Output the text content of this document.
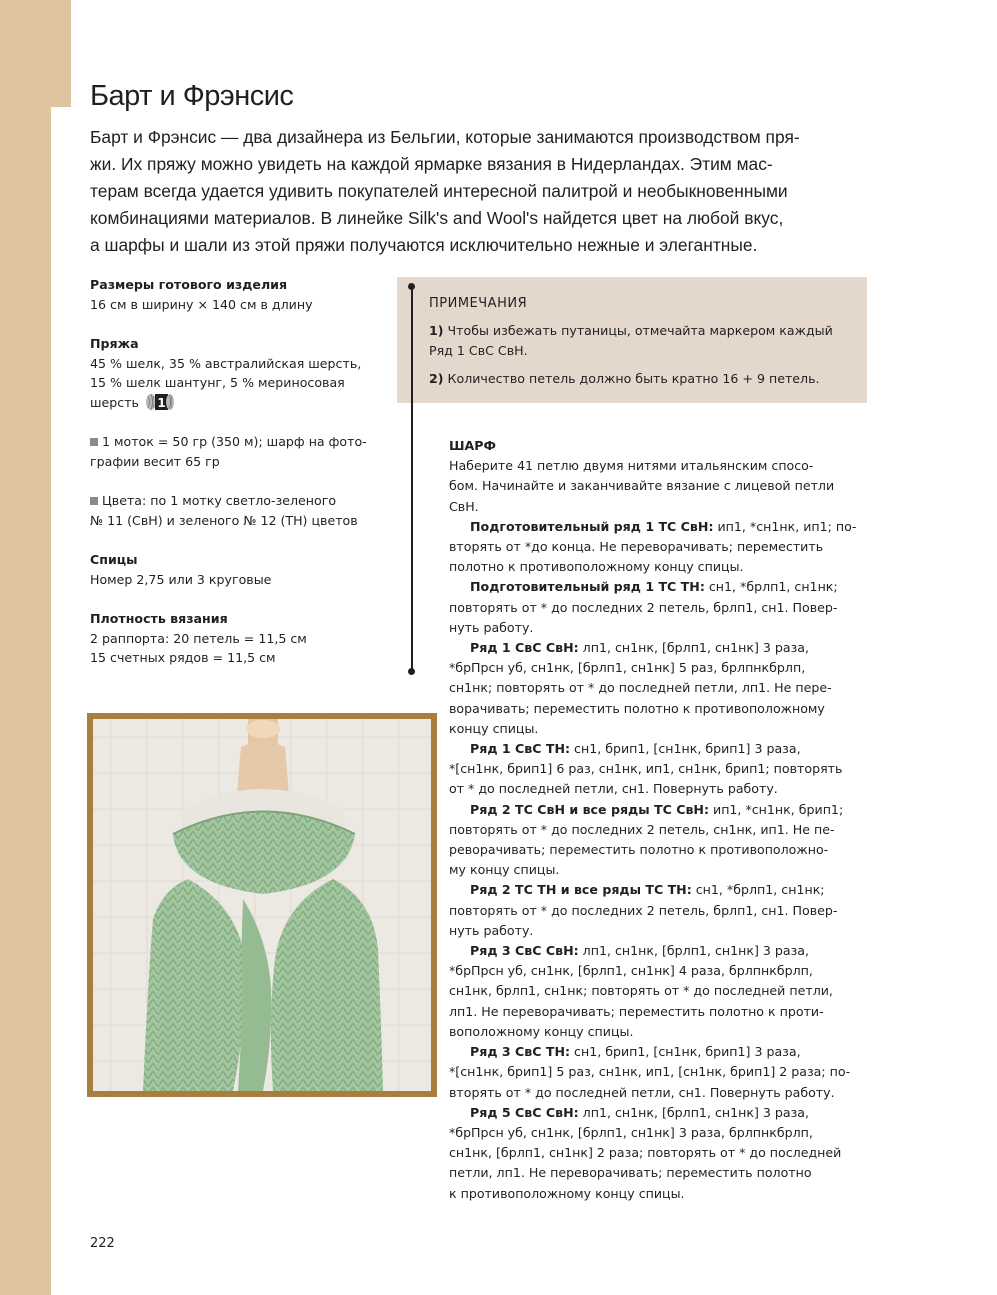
Барт и Фрэнсис
Барт и Фрэнсис — два дизайнера из Бельгии, которые занимаются производством пря-
жи. Их пряжу можно увидеть на каждой ярмарке вязания в Нидерландах. Этим мас-
терам всегда удается удивить покупателей интересной палитрой и необыкновенными
комбинациями материалов. В линейке Silk's and Wool's найдется цвет на любой вкус,
а шарфы и шали из этой пряжи получаются исключительно нежные и элегантные.
Размеры готового изделия
16 см в ширину × 140 см в длину
Пряжа
45 % шелк, 35 % австралийская шерсть,
15 % шелк шантунг, 5 % мериносовая
шерсть 1
1 моток = 50 гр (350 м); шарф на фото-
графии весит 65 гр
Цвета: по 1 мотку светло-зеленого
№ 11 (СвН) и зеленого № 12 (ТН) цветов
Спицы
Номер 2,75 или 3 круговые
Плотность вязания
2 раппорта: 20 петель = 11,5 см
15 счетных рядов = 11,5 см
ПРИМЕЧАНИЯ
1) Чтобы избежать путаницы, отмечайта маркером каждый
Ряд 1 СвС СвН.
2) Количество петель должно быть кратно 16 + 9 петель.
ШАРФ
Наберите 41 петлю двумя нитями итальянским спосо-
бом. Начинайте и заканчивайте вязание с лицевой петли
СвН.
Подготовительный ряд 1 ТС СвН: ип1, *сн1нк, ип1; по-
вторять от *до конца. Не переворачивать; переместить
полотно к противоположному концу спицы.
Подготовительный ряд 1 ТС ТН: сн1, *брлп1, сн1нк;
повторять от * до последних 2 петель, брлп1, сн1. Повер-
нуть работу.
Ряд 1 СвС СвН: лп1, сн1нк, [брлп1, сн1нк] 3 раза,
*брПрсн уб, сн1нк, [брлп1, сн1нк] 5 раз, брлпнкбрлп,
сн1нк; повторять от * до последней петли, лп1. Не пере-
ворачивать; переместить полотно к противоположному
концу спицы.
Ряд 1 СвС ТН: сн1, брип1, [сн1нк, брип1] 3 раза,
*[сн1нк, брип1] 6 раз, сн1нк, ип1, сн1нк, брип1; повторять
от * до последней петли, сн1. Повернуть работу.
Ряд 2 ТС СвН и все ряды ТС СвН: ип1, *сн1нк, брип1;
повторять от * до последних 2 петель, сн1нк, ип1. Не пе-
реворачивать; переместить полотно к противоположно-
му концу спицы.
Ряд 2 ТС ТН и все ряды ТС ТН: сн1, *брлп1, сн1нк;
повторять от * до последних 2 петель, брлп1, сн1. Повер-
нуть работу.
Ряд 3 СвС СвН: лп1, сн1нк, [брлп1, сн1нк] 3 раза,
*брПрсн уб, сн1нк, [брлп1, сн1нк] 4 раза, брлпнкбрлп,
сн1нк, брлп1, сн1нк; повторять от * до последней петли,
лп1. Не переворачивать; переместить полотно к проти-
воположному концу спицы.
Ряд 3 СвС ТН: сн1, брип1, [сн1нк, брип1] 3 раза,
*[сн1нк, брип1] 5 раз, сн1нк, ип1, [сн1нк, брип1] 2 раза; по-
вторять от * до последней петли, сн1. Повернуть работу.
Ряд 5 СвС СвН: лп1, сн1нк, [брлп1, сн1нк] 3 раза,
*брПрсн уб, сн1нк, [брлп1, сн1нк] 3 раза, брлпнкбрлп,
сн1нк, [брлп1, сн1нк] 2 раза; повторять от * до последней
петли, лп1. Не переворачивать; переместить полотно
к противоположному концу спицы.
222
